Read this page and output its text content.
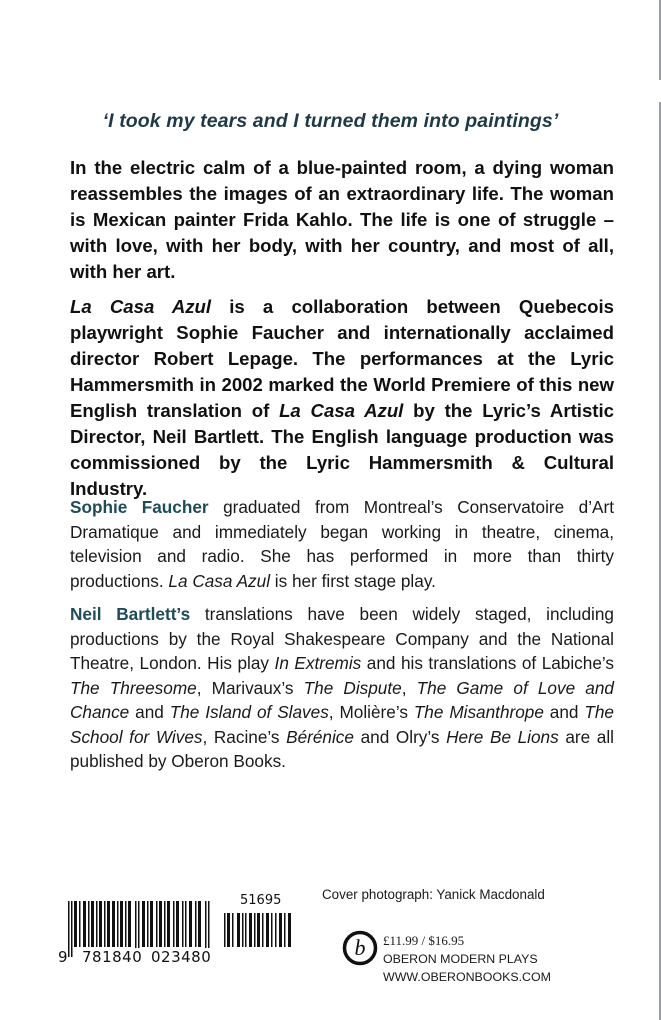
‘I took my tears and I turned them into paintings’

In the electric calm of a blue-painted room, a dying woman reassembles the images of an extraordinary life. The woman is Mexican painter Frida Kahlo. The life is one of struggle – with love, with her body, with her country, and most of all, with her art.

La Casa Azul is a collaboration between Quebecois playwright Sophie Faucher and internationally acclaimed director Robert Lepage. The performances at the Lyric Hammersmith in 2002 marked the World Premiere of this new English translation of La Casa Azul by the Lyric’s Artistic Director, Neil Bartlett. The English language production was commissioned by the Lyric Hammersmith & Cultural Industry.

Sophie Faucher graduated from Montreal’s Conservatoire d’Art Dramatique and immediately began working in theatre, cinema, television and radio. She has performed in more than thirty productions. La Casa Azul is her first stage play.

Neil Bartlett’s translations have been widely staged, including productions by the Royal Shakespeare Company and the National Theatre, London. His play In Extremis and his translations of Labiche’s The Threesome, Marivaux’s The Dispute, The Game of Love and Chance and The Island of Slaves, Molière’s The Misanthrope and The School for Wives, Racine’s Bérénice and Olry’s Here Be Lions are all published by Oberon Books.

9 781840 023480
51695	Cover photograph: Yanick Macdonald
b £11.99 / $16.95
OBERON MODERN PLAYS
WWW.OBERONBOOKS.COM
